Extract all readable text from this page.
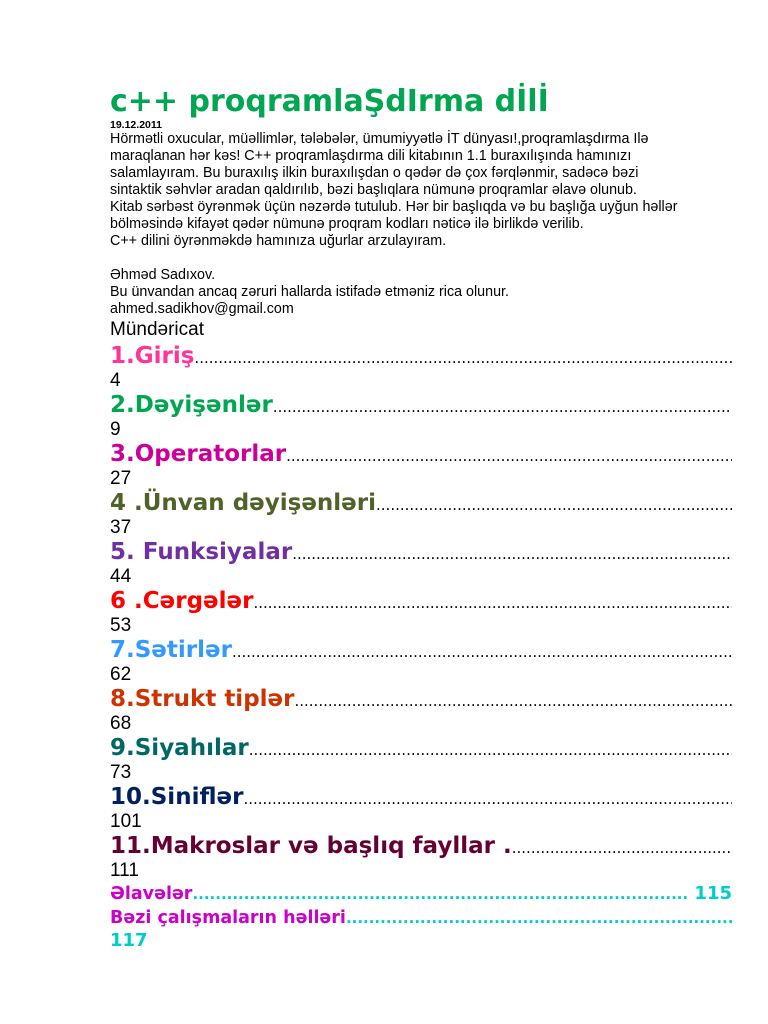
c++ proqramlaŞdIrma dİlİ
19.12.2011
Hörmətli oxucular, müəllimlər, tələbələr, ümumiyyətlə İT dünyası!,proqramlaşdırma Ilə
maraqlanan hər kəs! C++ proqramlaşdırma dili kitabının 1.1 buraxılışında hamınızı
salamlayıram. Bu buraxılış ilkin buraxılışdan o qədər də çox fərqlənmir, sadəcə bəzi
sintaktik səhvlər aradan qaldırılıb, bəzi başlıqlara nümunə proqramlar əlavə olunub.
Kitab sərbəst öyrənmək üçün nəzərdə tutulub. Hər bir başlıqda və bu başlığa uyğun həllər
bölməsində kifayət qədər nümunə proqram kodları nəticə ilə birlikdə verilib.
C++ dilini öyrənməkdə hamınıza uğurlar arzulayıram.
Əhməd Sadıxov.
Bu ünvandan ancaq zəruri hallarda istifadə etməniz rica olunur.
ahmed.sadikhov@gmail.com
Mündəricat
1.Giriş
.....
4
2.Dəyişənlər
.....
9
3.Operatorlar
.....
27
4 .Ünvan dəyişənləri
.....
37
5. Funksiyalar
.....
44
6 .Cərgələr
.....
53
7.Sətirlər
.....
62
8.Strukt tiplər
.....
68
9.Siyahılar
.....
73
10.Siniflər
.....
101
11.Makroslar və başlıq fayllar .
.....
111
Əlavələr
.....	115
Bəzi çalışmaların həlləri
.....
117
